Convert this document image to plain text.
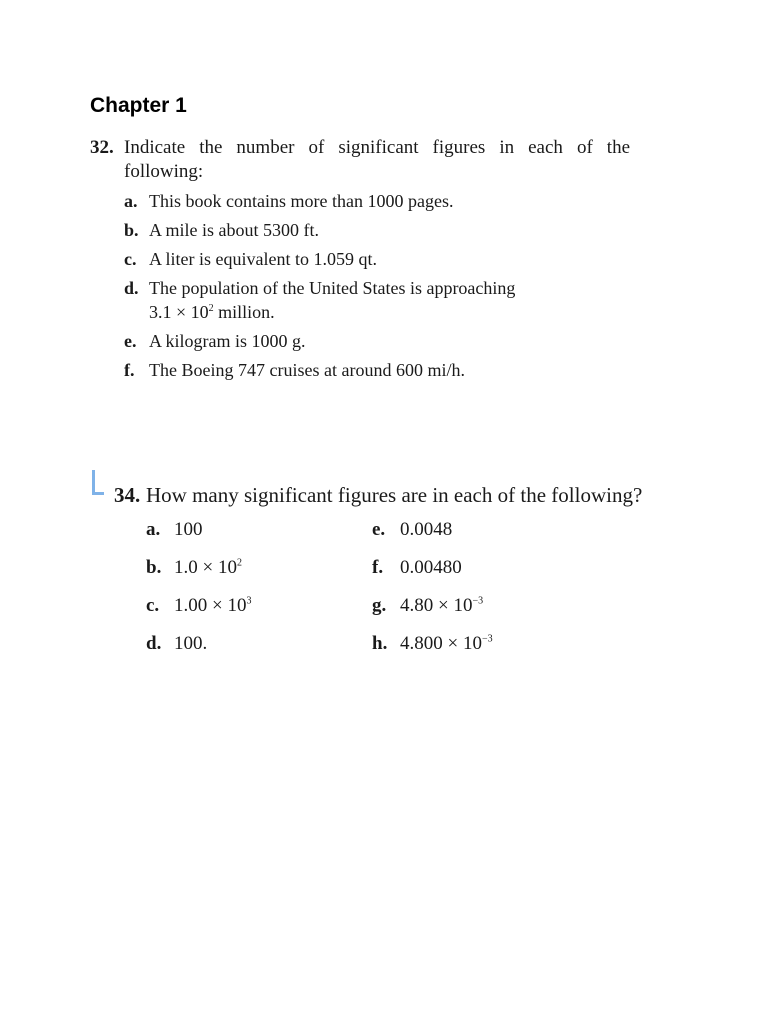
Chapter 1
32. Indicate the number of significant figures in each of the following:
a. This book contains more than 1000 pages.
b. A mile is about 5300 ft.
c. A liter is equivalent to 1.059 qt.
d. The population of the United States is approaching
$3.1 \times 10^2$ million.
e. A kilogram is 1000 g.
f. The Boeing 747 cruises at around 600 mi/h.
34. How many significant figures are in each of the following?
a. 100
b. $1.0 \times 10^2$
c. $1.00 \times 10^3$
d. 100.
e. 0.0048
f. 0.00480
g. $4.80 \times 10^{-3}$
h. $4.800 \times 10^{-3}$
